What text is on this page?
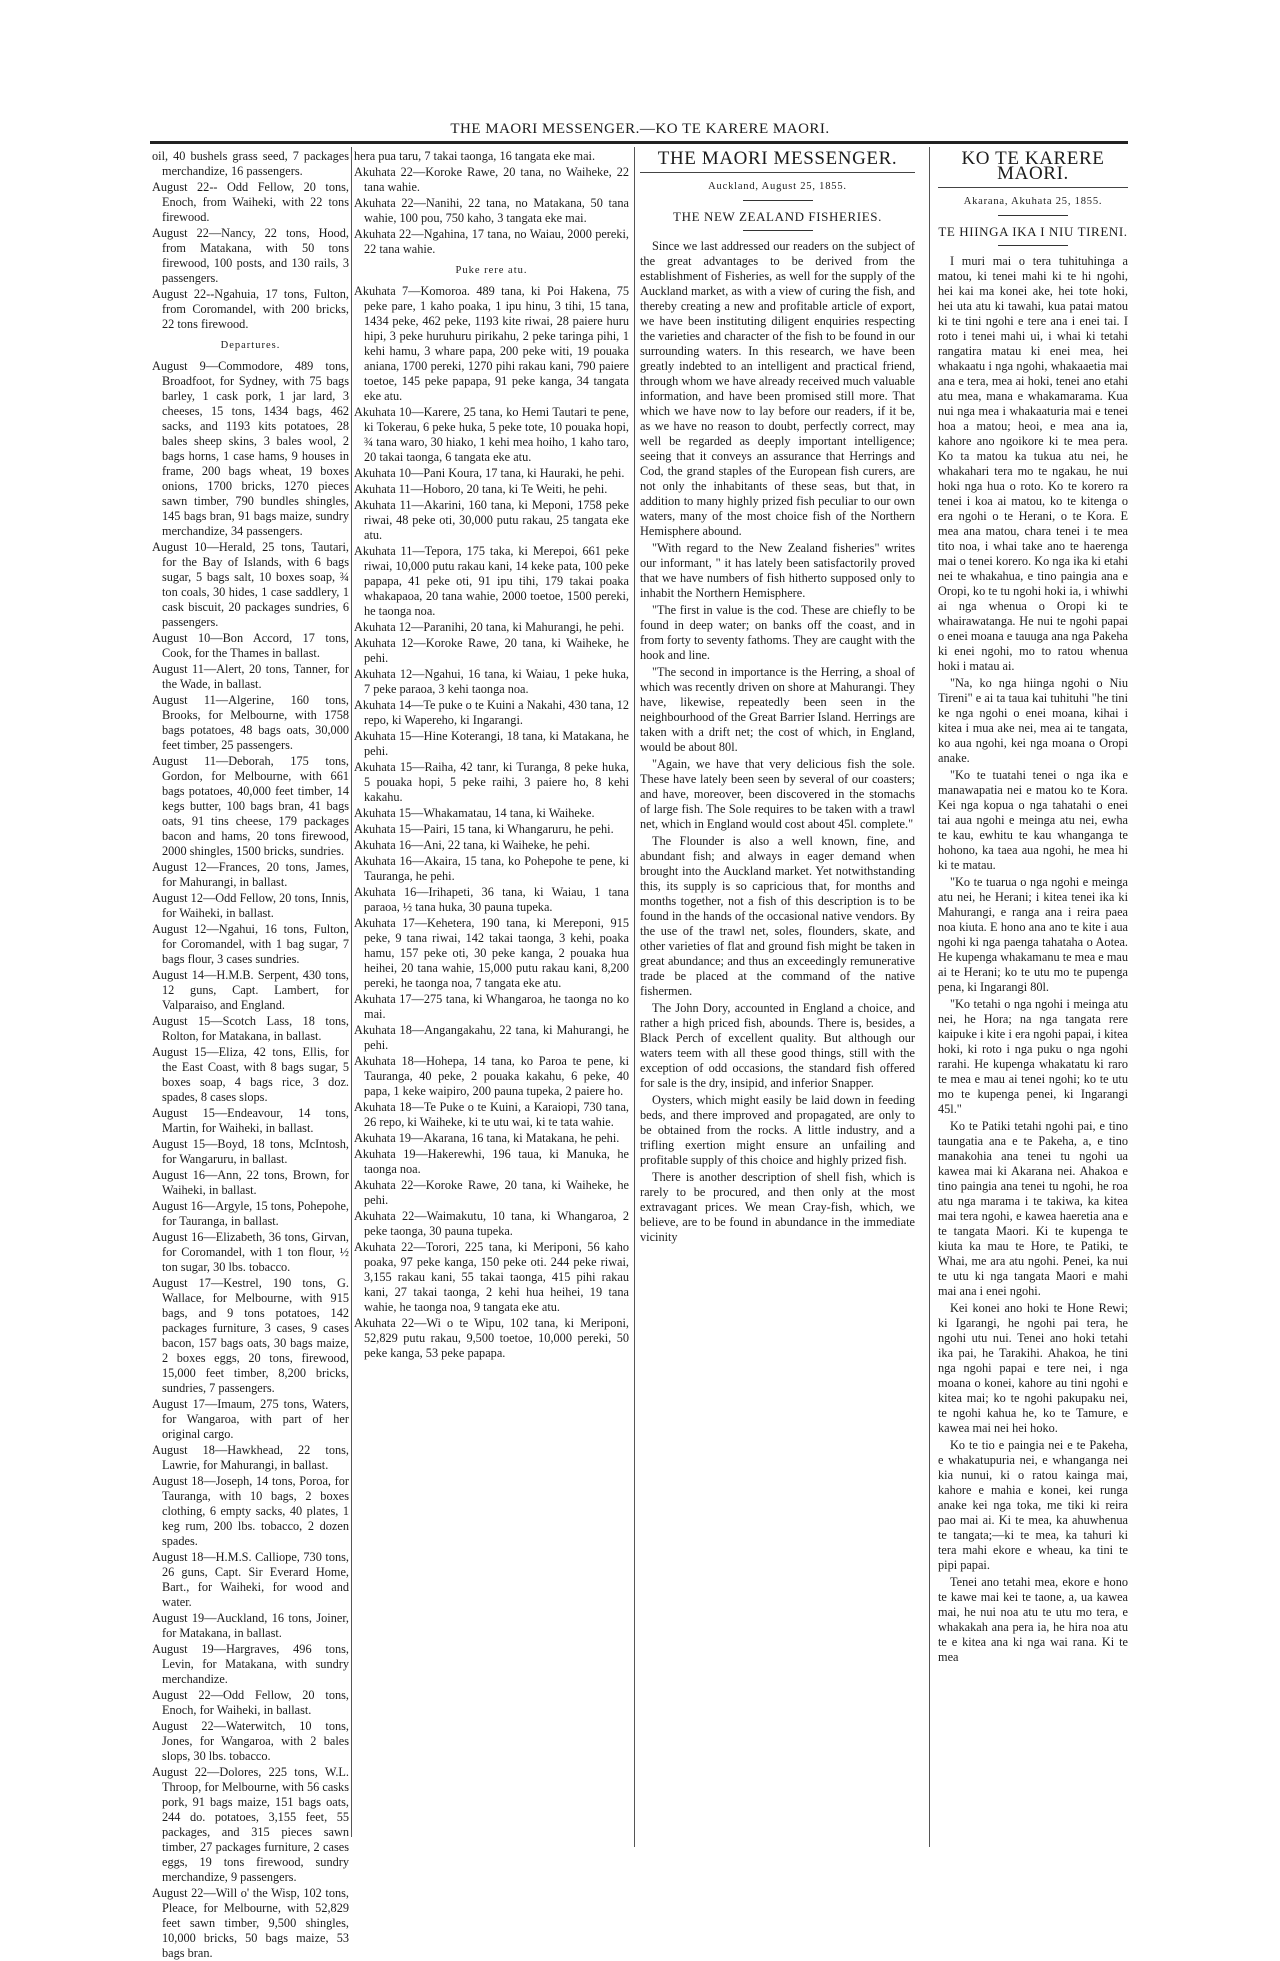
THE MAORI MESSENGER.—KO TE KARERE MAORI.

oil, 40 bushels grass seed, 7 packages merchandize, 16 passengers.

August 22-- Odd Fellow, 20 tons, Enoch, from Waiheki, with 22 tons firewood.

August 22—Nancy, 22 tons, Hood, from Matakana, with 50 tons firewood, 100 posts, and 130 rails, 3 passengers.

August 22--Ngahuia, 17 tons, Fulton, from Coromandel, with 200 bricks, 22 tons firewood.

Departures.

August 9—Commodore, 489 tons, Broadfoot, for Sydney, with 75 bags barley, 1 cask pork, 1 jar lard, 3 cheeses, 15 tons, 1434 bags, 462 sacks, and 1193 kits potatoes, 28 bales sheep skins, 3 bales wool, 2 bags horns, 1 case hams, 9 houses in frame, 200 bags wheat, 19 boxes onions, 1700 bricks, 1270 pieces sawn timber, 790 bundles shingles, 145 bags bran, 91 bags maize, sundry merchandize, 34 passengers.

August 10—Herald, 25 tons, Tautari, for the Bay of Islands, with 6 bags sugar, 5 bags salt, 10 boxes soap, ¾ ton coals, 30 hides, 1 case saddlery, 1 cask biscuit, 20 packages sundries, 6 passengers.

August 10—Bon Accord, 17 tons, Cook, for the Thames in ballast.

August 11—Alert, 20 tons, Tanner, for the Wade, in ballast.

August 11—Algerine, 160 tons, Brooks, for Melbourne, with 1758 bags potatoes, 48 bags oats, 30,000 feet timber, 25 passengers.

August 11—Deborah, 175 tons, Gordon, for Melbourne, with 661 bags potatoes, 40,000 feet timber, 14 kegs butter, 100 bags bran, 41 bags oats, 91 tins cheese, 179 packages bacon and hams, 20 tons firewood, 2000 shingles, 1500 bricks, sundries.

August 12—Frances, 20 tons, James, for Mahurangi, in ballast.

August 12—Odd Fellow, 20 tons, Innis, for Waiheki, in ballast.

August 12—Ngahui, 16 tons, Fulton, for Coromandel, with 1 bag sugar, 7 bags flour, 3 cases sundries.

August 14—H.M.B. Serpent, 430 tons, 12 guns, Capt. Lambert, for Valparaiso, and England.

August 15—Scotch Lass, 18 tons, Rolton, for Matakana, in ballast.

August 15—Eliza, 42 tons, Ellis, for the East Coast, with 8 bags sugar, 5 boxes soap, 4 bags rice, 3 doz. spades, 8 cases slops.

August 15—Endeavour, 14 tons, Martin, for Waiheki, in ballast.

August 15—Boyd, 18 tons, McIntosh, for Wangaruru, in ballast.

August 16—Ann, 22 tons, Brown, for Waiheki, in ballast.

August 16—Argyle, 15 tons, Pohepohe, for Tauranga, in ballast.

August 16—Elizabeth, 36 tons, Girvan, for Coromandel, with 1 ton flour, ½ ton sugar, 30 lbs. tobacco.

August 17—Kestrel, 190 tons, G. Wallace, for Melbourne, with 915 bags, and 9 tons potatoes, 142 packages furniture, 3 cases, 9 cases bacon, 157 bags oats, 30 bags maize, 2 boxes eggs, 20 tons, firewood, 15,000 feet timber, 8,200 bricks, sundries, 7 passengers.

August 17—Imaum, 275 tons, Waters, for Wangaroa, with part of her original cargo.

August 18—Hawkhead, 22 tons, Lawrie, for Mahurangi, in ballast.

August 18—Joseph, 14 tons, Poroa, for Tauranga, with 10 bags, 2 boxes clothing, 6 empty sacks, 40 plates, 1 keg rum, 200 lbs. tobacco, 2 dozen spades.

August 18—H.M.S. Calliope, 730 tons, 26 guns, Capt. Sir Everard Home, Bart., for Waiheki, for wood and water.

August 19—Auckland, 16 tons, Joiner, for Matakana, in ballast.

August 19—Hargraves, 496 tons, Levin, for Matakana, with sundry merchandize.

August 22—Odd Fellow, 20 tons, Enoch, for Waiheki, in ballast.

August 22—Waterwitch, 10 tons, Jones, for Wangaroa, with 2 bales slops, 30 lbs. tobacco.

August 22—Dolores, 225 tons, W.L. Throop, for Melbourne, with 56 casks pork, 91 bags maize, 151 bags oats, 244 do. potatoes, 3,155 feet, 55 packages, and 315 pieces sawn timber, 27 packages furniture, 2 cases eggs, 19 tons firewood, sundry merchandize, 9 passengers.

August 22—Will o' the Wisp, 102 tons, Pleace, for Melbourne, with 52,829 feet sawn timber, 9,500 shingles, 10,000 bricks, 50 bags maize, 53 bags bran.

hera pua taru, 7 takai taonga, 16 tangata eke mai.

Akuhata 22—Koroke Rawe, 20 tana, no Waiheke, 22 tana wahie.

Akuhata 22—Nanihi, 22 tana, no Matakana, 50 tana wahie, 100 pou, 750 kaho, 3 tangata eke mai.

Akuhata 22—Ngahina, 17 tana, no Waiau, 2000 pereki, 22 tana wahie.

Puke rere atu.

Akuhata 7—Komoroa. 489 tana, ki Poi Hakena, 75 peke pare, 1 kaho poaka, 1 ipu hinu, 3 tihi, 15 tana, 1434 peke, 462 peke, 1193 kite riwai, 28 paiere huru hipi, 3 peke huruhuru pirikahu, 2 peke taringa pihi, 1 kehi hamu, 3 whare papa, 200 peke witi, 19 pouaka aniana, 1700 pereki, 1270 pihi rakau kani, 790 paiere toetoe, 145 peke papapa, 91 peke kanga, 34 tangata eke atu.

Akuhata 10—Karere, 25 tana, ko Hemi Tautari te pene, ki Tokerau, 6 peke huka, 5 peke tote, 10 pouaka hopi, ¾ tana waro, 30 hiako, 1 kehi mea hoiho, 1 kaho taro, 20 takai taonga, 6 tangata eke atu.

Akuhata 10—Pani Koura, 17 tana, ki Hauraki, he pehi.

Akuhata 11—Hoboro, 20 tana, ki Te Weiti, he pehi.

Akuhata 11—Akarini, 160 tana, ki Meponi, 1758 peke riwai, 48 peke oti, 30,000 putu rakau, 25 tangata eke atu.

Akuhata 11—Tepora, 175 taka, ki Merepoi, 661 peke riwai, 10,000 putu rakau kani, 14 keke pata, 100 peke papapa, 41 peke oti, 91 ipu tihi, 179 takai poaka whakapaoa, 20 tana wahie, 2000 toetoe, 1500 pereki, he taonga noa.

Akuhata 12—Paranihi, 20 tana, ki Mahurangi, he pehi.

Akuhata 12—Koroke Rawe, 20 tana, ki Waiheke, he pehi.

Akuhata 12—Ngahui, 16 tana, ki Waiau, 1 peke huka, 7 peke paraoa, 3 kehi taonga noa.

Akuhata 14—Te puke o te Kuini a Nakahi, 430 tana, 12 repo, ki Wapereho, ki Ingarangi.

Akuhata 15—Hine Koterangi, 18 tana, ki Matakana, he pehi.

Akuhata 15—Raiha, 42 tanr, ki Turanga, 8 peke huka, 5 pouaka hopi, 5 peke raihi, 3 paiere ho, 8 kehi kakahu.

Akuhata 15—Whakamatau, 14 tana, ki Waiheke.

Akuhata 15—Pairi, 15 tana, ki Whangaruru, he pehi.

Akuhata 16—Ani, 22 tana, ki Waiheke, he pehi.

Akuhata 16—Akaira, 15 tana, ko Pohepohe te pene, ki Tauranga, he pehi.

Akuhata 16—Irihapeti, 36 tana, ki Waiau, 1 tana paraoa, ½ tana huka, 30 pauna tupeka.

Akuhata 17—Kehetera, 190 tana, ki Mereponi, 915 peke, 9 tana riwai, 142 takai taonga, 3 kehi, poaka hamu, 157 peke oti, 30 peke kanga, 2 pouaka hua heihei, 20 tana wahie, 15,000 putu rakau kani, 8,200 pereki, he taonga noa, 7 tangata eke atu.

Akuhata 17—275 tana, ki Whangaroa, he taonga no ko mai.

Akuhata 18—Angangakahu, 22 tana, ki Mahurangi, he pehi.

Akuhata 18—Hohepa, 14 tana, ko Paroa te pene, ki Tauranga, 40 peke, 2 pouaka kakahu, 6 peke, 40 papa, 1 keke waipiro, 200 pauna tupeka, 2 paiere ho.

Akuhata 18—Te Puke o te Kuini, a Karaiopi, 730 tana, 26 repo, ki Waiheke, ki te utu wai, ki te tata wahie.

Akuhata 19—Akarana, 16 tana, ki Matakana, he pehi.

Akuhata 19—Hakerewhi, 196 taua, ki Manuka, he taonga noa.

Akuhata 22—Koroke Rawe, 20 tana, ki Waiheke, he pehi.

Akuhata 22—Waimakutu, 10 tana, ki Whangaroa, 2 peke taonga, 30 pauna tupeka.

Akuhata 22—Torori, 225 tana, ki Meriponi, 56 kaho poaka, 97 peke kanga, 150 peke oti. 244 peke riwai, 3,155 rakau kani, 55 takai taonga, 415 pihi rakau kani, 27 takai taonga, 2 kehi hua heihei, 19 tana wahie, he taonga noa, 9 tangata eke atu.

Akuhata 22—Wi o te Wipu, 102 tana, ki Meriponi, 52,829 putu rakau, 9,500 toetoe, 10,000 pereki, 50 peke kanga, 53 peke papapa.

THE MAORI MESSENGER.
Auckland, August 25, 1855.
THE NEW ZEALAND FISHERIES.

Since we last addressed our readers on the subject of the great advantages to be derived from the establishment of Fisheries, as well for the supply of the Auckland market, as with a view of curing the fish, and thereby creating a new and profitable article of export, we have been instituting diligent enquiries respecting the varieties and character of the fish to be found in our surrounding waters. In this research, we have been greatly indebted to an intelligent and practical friend, through whom we have already received much valuable information, and have been promised still more. That which we have now to lay before our readers, if it be, as we have no reason to doubt, perfectly correct, may well be regarded as deeply important intelligence; seeing that it conveys an assurance that Herrings and Cod, the grand staples of the European fish curers, are not only the inhabitants of these seas, but that, in addition to many highly prized fish peculiar to our own waters, many of the most choice fish of the Northern Hemisphere abound.

"With regard to the New Zealand fisheries" writes our informant, " it has lately been satisfactorily proved that we have numbers of fish hitherto supposed only to inhabit the Northern Hemisphere.

"The first in value is the cod. These are chiefly to be found in deep water; on banks off the coast, and in from forty to seventy fathoms. They are caught with the hook and line.

"The second in importance is the Herring, a shoal of which was recently driven on shore at Mahurangi. They have, likewise, repeatedly been seen in the neighbourhood of the Great Barrier Island. Herrings are taken with a drift net; the cost of which, in England, would be about 80l.

"Again, we have that very delicious fish the sole. These have lately been seen by several of our coasters; and have, moreover, been discovered in the stomachs of large fish. The Sole requires to be taken with a trawl net, which in England would cost about 45l. complete."

The Flounder is also a well known, fine, and abundant fish; and always in eager demand when brought into the Auckland market. Yet notwithstanding this, its supply is so capricious that, for months and months together, not a fish of this description is to be found in the hands of the occasional native vendors. By the use of the trawl net, soles, flounders, skate, and other varieties of flat and ground fish might be taken in great abundance; and thus an exceedingly remunerative trade be placed at the command of the native fishermen.

The John Dory, accounted in England a choice, and rather a high priced fish, abounds. There is, besides, a Black Perch of excellent quality. But although our waters teem with all these good things, still with the exception of odd occasions, the standard fish offered for sale is the dry, insipid, and inferior Snapper.

Oysters, which might easily be laid down in feeding beds, and there improved and propagated, are only to be obtained from the rocks. A little industry, and a trifling exertion might ensure an unfailing and profitable supply of this choice and highly prized fish.

There is another description of shell fish, which is rarely to be procured, and then only at the most extravagant prices. We mean Cray-fish, which, we believe, are to be found in abundance in the immediate vicinity

KO TE KARERE MAORI.
Akarana, Akuhata 25, 1855.
TE HIINGA IKA I NIU TIRENI.

I muri mai o tera tuhituhinga a matou, ki tenei mahi ki te hi ngohi, hei kai ma konei ake, hei tote hoki, hei uta atu ki tawahi, kua patai matou ki te tini ngohi e tere ana i enei tai. I roto i tenei mahi ui, i whai ki tetahi rangatira matau ki enei mea, hei whakaatu i nga ngohi, whakaaetia mai ana e tera, mea ai hoki, tenei ano etahi atu mea, mana e whakamarama. Kua nui nga mea i whakaaturia mai e tenei hoa a matou; heoi, e mea ana ia, kahore ano ngoikore ki te mea pera. Ko ta matou ka tukua atu nei, he whakahari tera mo te ngakau, he nui hoki nga hua o roto. Ko te korero ra tenei i koa ai matou, ko te kitenga o era ngohi o te Herani, o te Kora. E mea ana matou, chara tenei i te mea tito noa, i whai take ano te haerenga mai o tenei korero. Ko nga ika ki etahi nei te whakahua, e tino paingia ana e Oropi, ko te tu ngohi hoki ia, i whiwhi ai nga whenua o Oropi ki te whairawatanga. He nui te ngohi papai o enei moana e tauuga ana nga Pakeha ki enei ngohi, mo to ratou whenua hoki i matau ai.

"Na, ko nga hiinga ngohi o Niu Tireni" e ai ta taua kai tuhituhi "he tini ke nga ngohi o enei moana, kihai i kitea i mua ake nei, mea ai te tangata, ko aua ngohi, kei nga moana o Oropi anake.

"Ko te tuatahi tenei o nga ika e manawapatia nei e matou ko te Kora. Kei nga kopua o nga tahatahi o enei tai aua ngohi e meinga atu nei, ewha te kau, ewhitu te kau whanganga te hohono, ka taea aua ngohi, he mea hi ki te matau.

"Ko te tuarua o nga ngohi e meinga atu nei, he Herani; i kitea tenei ika ki Mahurangi, e ranga ana i reira paea noa kiuta. E hono ana ano te kite i aua ngohi ki nga paenga tahataha o Aotea. He kupenga whakamanu te mea e mau ai te Herani; ko te utu mo te pupenga pena, ki Ingarangi 80l.

"Ko tetahi o nga ngohi i meinga atu nei, he Hora; na nga tangata rere kaipuke i kite i era ngohi papai, i kitea hoki, ki roto i nga puku o nga ngohi rarahi. He kupenga whakatatu ki raro te mea e mau ai tenei ngohi; ko te utu mo te kupenga penei, ki Ingarangi 45l."

Ko te Patiki tetahi ngohi pai, e tino taungatia ana e te Pakeha, a, e tino manakohia ana tenei tu ngohi ua kawea mai ki Akarana nei. Ahakoa e tino paingia ana tenei tu ngohi, he roa atu nga marama i te takiwa, ka kitea mai tera ngohi, e kawea haeretia ana e te tangata Maori. Ki te kupenga te kiuta ka mau te Hore, te Patiki, te Whai, me ara atu ngohi. Penei, ka nui te utu ki nga tangata Maori e mahi mai ana i enei ngohi.

Kei konei ano hoki te Hone Rewi; ki Igarangi, he ngohi pai tera, he ngohi utu nui. Tenei ano hoki tetahi ika pai, he Tarakihi. Ahakoa, he tini nga ngohi papai e tere nei, i nga moana o konei, kahore au tini ngohi e kitea mai; ko te ngohi pakupaku nei, te ngohi kahua he, ko te Tamure, e kawea mai nei hei hoko.

Ko te tio e paingia nei e te Pakeha, e whakatupuria nei, e whanganga nei kia nunui, ki o ratou kainga mai, kahore e mahia e konei, kei runga anake kei nga toka, me tiki ki reira pao mai ai. Ki te mea, ka ahuwhenua te tangata;—ki te mea, ka tahuri ki tera mahi ekore e wheau, ka tini te pipi papai.

Tenei ano tetahi mea, ekore e hono te kawe mai kei te taone, a, ua kawea mai, he nui noa atu te utu mo tera, e whakakah ana pera ia, he hira noa atu te e kitea ana ki nga wai rana. Ki te mea
